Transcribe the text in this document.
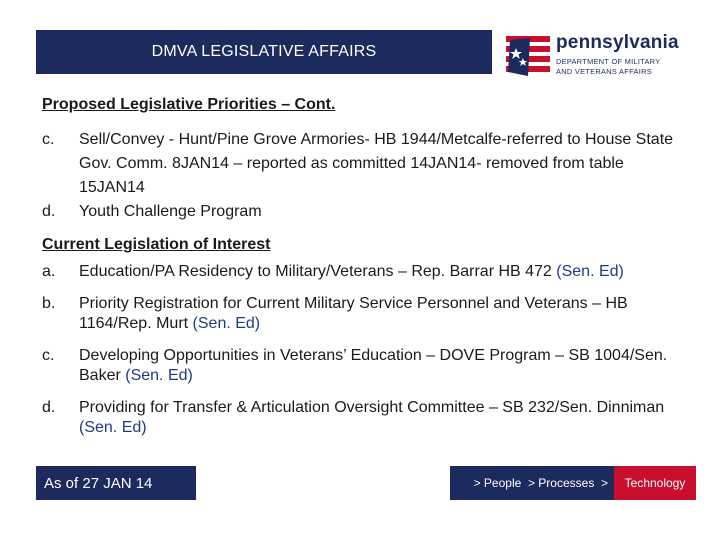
DMVA LEGISLATIVE AFFAIRS	pennsylvania
DEPARTMENT OF MILITARY
AND VETERANS AFFAIRS
Proposed Legislative Priorities – Cont.
c. Sell/Convey - Hunt/Pine Grove Armories- HB 1944/Metcalfe-referred to House State Gov. Comm. 8JAN14 – reported as committed 14JAN14- removed from table 15JAN14
d. Youth Challenge Program
Current Legislation of Interest
a. Education/PA Residency to Military/Veterans – Rep. Barrar HB 472 (Sen. Ed)
b. Priority Registration for Current Military Service Personnel and Veterans – HB 1164/Rep. Murt (Sen. Ed)
c. Developing Opportunities in Veterans’ Education – DOVE Program – SB 1004/Sen. Baker (Sen. Ed)
d. Providing for Transfer & Articulation Oversight Committee – SB 232/Sen. Dinniman (Sen. Ed)
As of 27 JAN 14	> People  > Processes  > Technology
